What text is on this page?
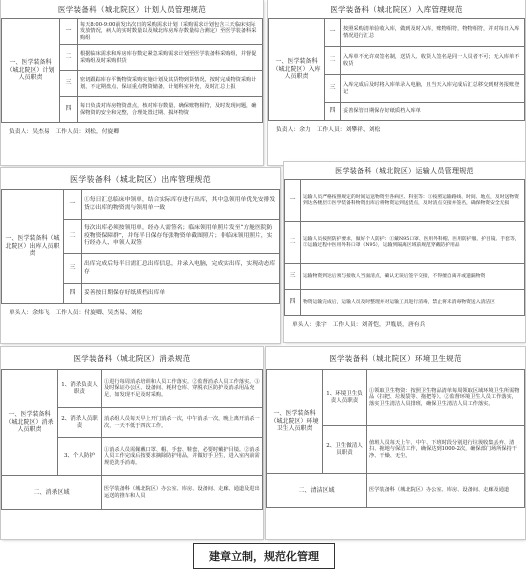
医学装备科（城北院区）计划人员管理规范
一、医学装备科（城北院区）计划人员职责	一	每天8:00-9:00前发出次日的采购需求计划（采购需求计划包含三天临床实际发放情况，病人的实时数量以及城北库房库存数量综合测定）至医学装备科采购组
	二	根据临床需求和库房库存数定紧急采购需求计划至医学装备科采购组，并督促采购组及时采购供货
	三	密切跟踪库存平衡物资采购实施计划及其货物到货情况，按时完成物资采购计划，不定期盘点，保证重点物资储备，计划科室补充，及时汇总上报
	四	每日负责对库房物资盘点，核对库存数量，确保账物相符，及时发现问题，确保物资的安全和完整，合理处置过期、损坏物资
负责人：吴杰易　工作人员：刘松，付旋卿
医学装备科（城北院区）入库管理规范
一、医学装备科（城北院区）入库人员职责	一	按照采购清单验收入库，做到及时入库，账物相符，物物相符，并对每日入库情况进行汇总
	二	入库单不允许双签名制，送货人、收货人签名是同一人员者不可；无入库单不收货
	三	入库完成后及时将入库单录入电脑，且当天入库完成后汇总移交到财务报账登记
	四	妥善保管日期保存好纸质档入库单
负责人：余力　工作人员：刘攀祥、刘松
医学装备科（城北院区）出库管理规范
一、医学装备科（城北院区）出库人员职责	一	①每日汇总临床申领单，结合实际库存进行出库，其中急领用单优先安排发货②出库的物资需与领用单一致
	二	每次出库必须按领用单，经办人需签名；临床领用单照片发至“方舱医院防疫物资保障群”，并每半日保存每张物资单截图照片；非临床领用照片，实行经办人、申领人双签
	三	出库完成后每半日需汇总出库信息，并录入电脑，完成实出库，实现动态库存
	四	妥善按日期保存好纸质档出库单
单头人：余炜飞　工作人员：付旋卿、吴杰易、刘松
医学装备科（城北院区）运输人员管理规范
一	运输人员严格按照规定的时间运送物资至各病区、科室等：①按照运输路线、时间、地点，及时送物资到达各楼层②医学装备科物资出库后将物资运到送货点，及时清点交接并签名，确保物资安全无损
二	运输人员按照防护要求，做好个人防护：①戴N95口罩、医用外科帽、医用防护服、护目镜、手套等，②运输过程中医用外科口罩（N95），运输到隔离区域前规范穿戴防护用品
三	运输物资到达后须与接收人当面清点，确认无误后签字交接，不得擅自离开或遗漏物资
四	物资运输完成后，运输人员及时整理并对运输工具进行消毒，禁止将未消毒物资送入清洁区
单头人：张宇　工作人员：刘菁恺，尹胤晨，唐有兵
医学装备科（城北院区）消杀规范
一、医学装备科（城北院区）消杀人员职责	1、消杀负责人职责	①进行每周消杀培训和人员工作落实。②监督消杀人员工作落实。③及时保证办公区、设备间、耗材仓库、穿脱衣区防护及消杀用品充足，如发现不足及时采购。
	2、消杀人员职责	消杀组人员每天早上开门消杀一次，中午消杀一次，晚上离开消杀一次，一天不低于四次工作。
	3、个人防护	①消杀人员需佩戴口罩、帽、手套、鞋套，必要时戴护目镜。②消杀人员工作完成后按要求摘除防护用品，并做好手卫生，进入室内前需规范洗手消毒。
二、消杀区域		医学装备科（城北院区）办公室、库房、设备间、走廊、通道及进出运送的推车和人员
医学装备科（城北院区）环境卫生规范
一、医学装备科（城北院区）环境卫生人员职责	1、环境卫生负责人员职责	①领取卫生物资：按照卫生物品清单每周领取区域环境卫生所需物品（扫把、垃圾袋等、拖把等）。②监督环境卫生人员工作落实，落实卫生清洁人员排班，确保卫生清洁人员工作落实。
	2、卫生做清人员职责	值班人员每天上午、中午、下班时段分别进行垃圾收集丢弃、清扫、拖地与保洁工作，确保达到1000-2次，确保部门场所保持干净、干燥、无尘。
二、清洁区域		医学装备科（城北院区）办公室、库房、设备间、走廊及通道
建章立制，规范化管理
